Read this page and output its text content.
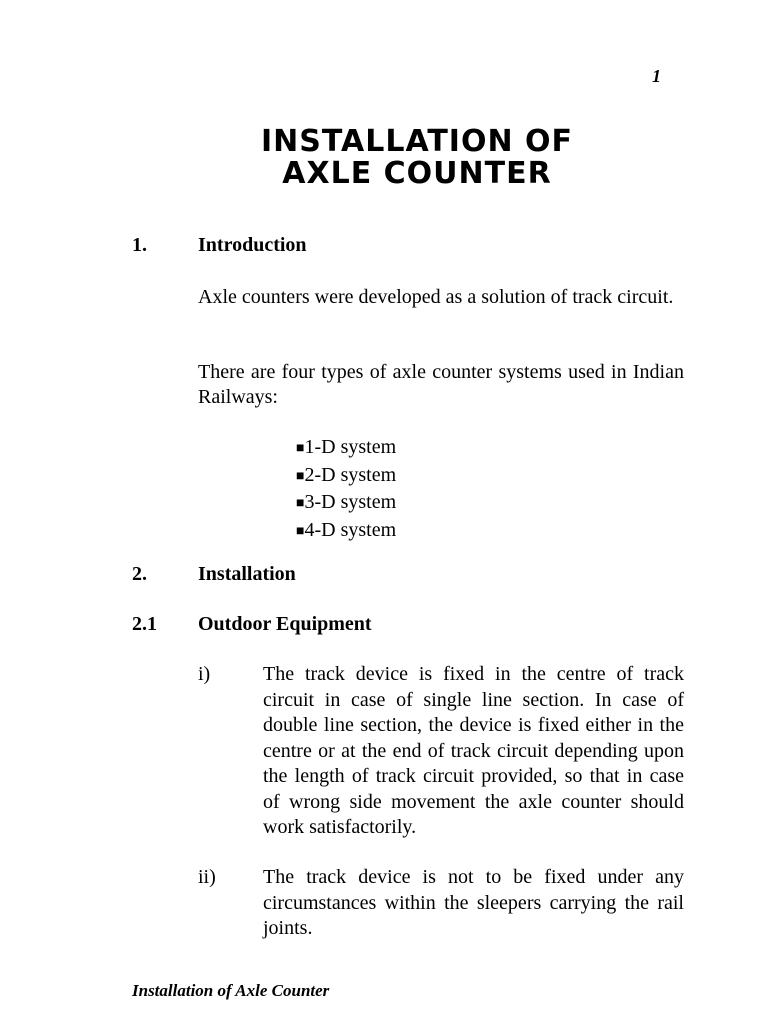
1
INSTALLATION OF
AXLE COUNTER
1.	Introduction
Axle counters were developed as a solution of track circuit.
There are four types of axle counter systems used in Indian Railways:
■1-D system
■2-D system
■3-D system
■4-D system
2.	Installation
2.1 Outdoor Equipment
i)	The track device is fixed in the centre of track circuit in case of single line section. In case of double line section, the device is fixed either in the centre or at the end of track circuit depending upon the length of track circuit provided, so that in case of wrong side movement the axle counter should work satisfactorily.
ii) The track device is not to be fixed under any circumstances within the sleepers carrying the rail joints.
Installation of Axle Counter
